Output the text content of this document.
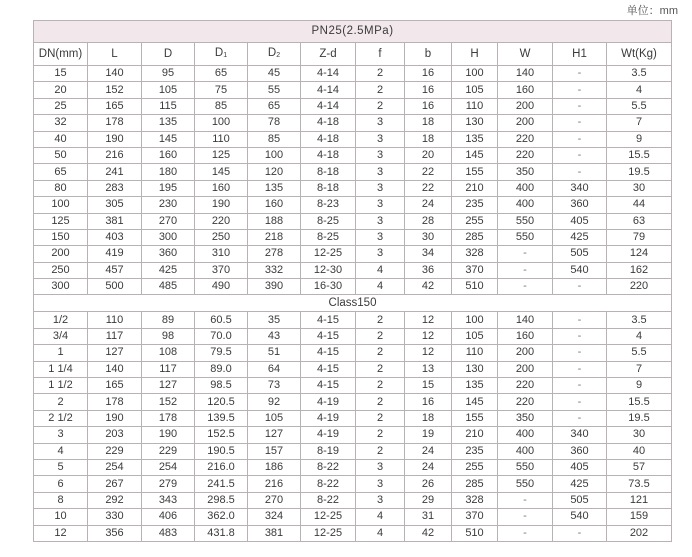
单位：mm
PN25(2.5MPa)											
DN(mm)	L	D	$D_1$	$D_2$	Z-d	f	b	H	W	H1	Wt(Kg)
15	140	95	65	45	4-14	2	16	100	140	-	3.5
20	152	105	75	55	4-14	2	16	105	160	-	4
25	165	115	85	65	4-14	2	16	110	200	-	5.5
32	178	135	100	78	4-18	3	18	130	200	-	7
40	190	145	110	85	4-18	3	18	135	220	-	9
50	216	160	125	100	4-18	3	20	145	220	-	15.5
65	241	180	145	120	8-18	3	22	155	350	-	19.5
80	283	195	160	135	8-18	3	22	210	400	340	30
100	305	230	190	160	8-23	3	24	235	400	360	44
125	381	270	220	188	8-25	3	28	255	550	405	63
150	403	300	250	218	8-25	3	30	285	550	425	79
200	419	360	310	278	12-25	3	34	328	-	505	124
250	457	425	370	332	12-30	4	36	370	-	540	162
300	500	485	490	390	16-30	4	42	510	-	-	220
Class150											
1/2	110	89	60.5	35	4-15	2	12	100	140	-	3.5
3/4	117	98	70.0	43	4-15	2	12	105	160	-	4
1	127	108	79.5	51	4-15	2	12	110	200	-	5.5
1 1/4	140	117	89.0	64	4-15	2	13	130	200	-	7
1 1/2	165	127	98.5	73	4-15	2	15	135	220	-	9
2	178	152	120.5	92	4-19	2	16	145	220	-	15.5
2 1/2	190	178	139.5	105	4-19	2	18	155	350	-	19.5
3	203	190	152.5	127	4-19	2	19	210	400	340	30
4	229	229	190.5	157	8-19	2	24	235	400	360	40
5	254	254	216.0	186	8-22	3	24	255	550	405	57
6	267	279	241.5	216	8-22	3	26	285	550	425	73.5
8	292	343	298.5	270	8-22	3	29	328	-	505	121
10	330	406	362.0	324	12-25	4	31	370	-	540	159
12	356	483	431.8	381	12-25	4	42	510	-	-	202
